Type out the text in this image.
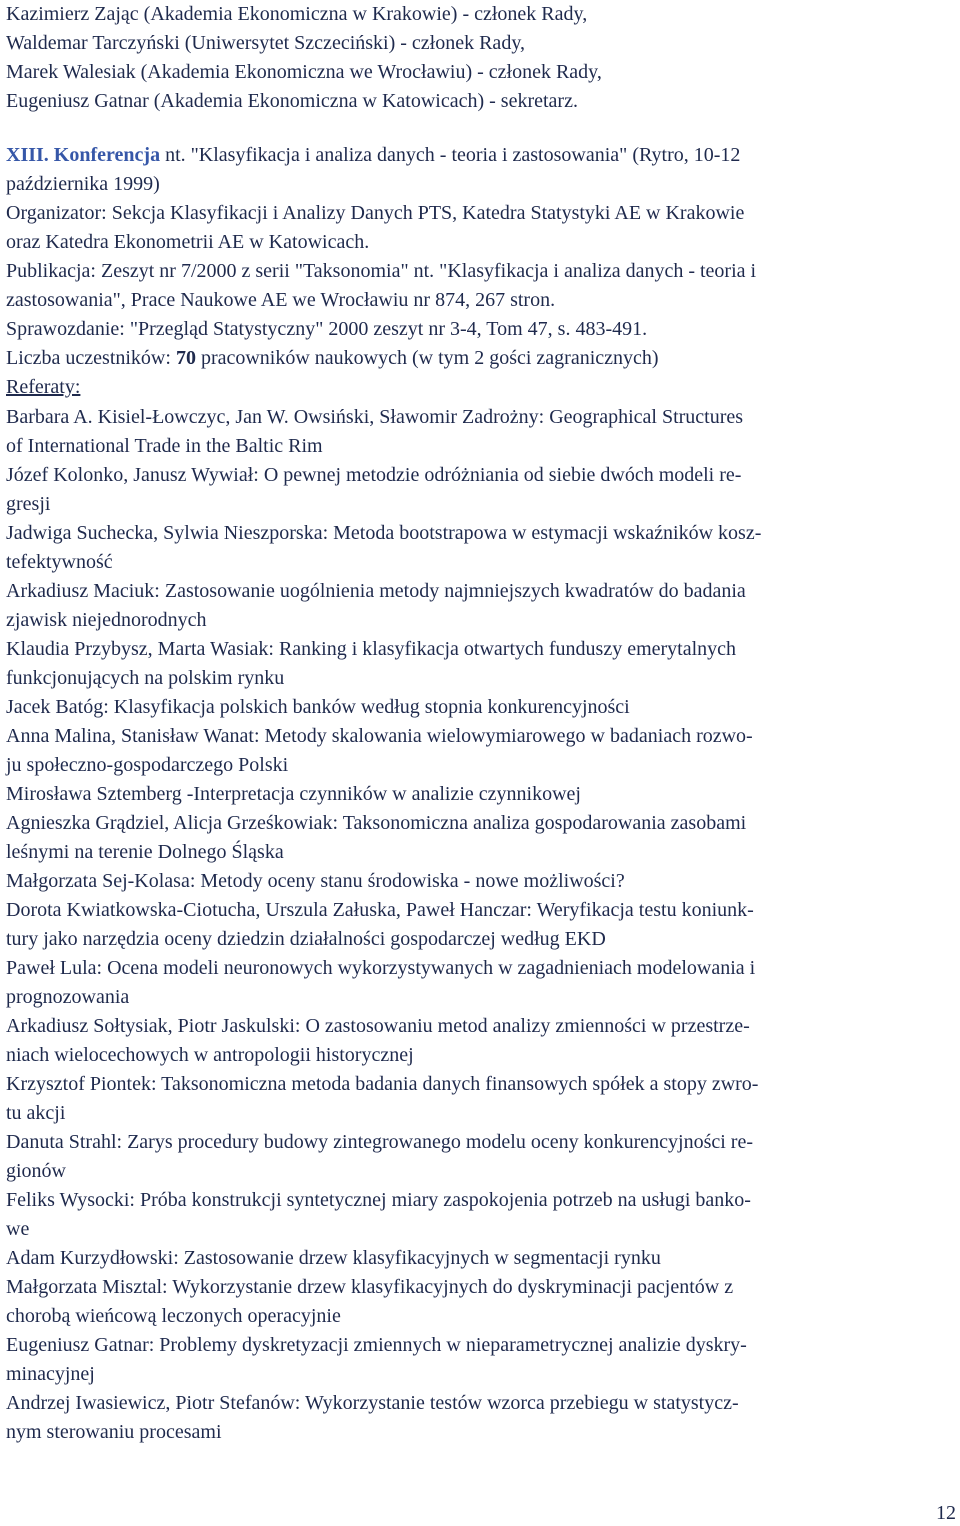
Kazimierz Zając (Akademia Ekonomiczna w Krakowie) - członek Rady,
Waldemar Tarczyński (Uniwersytet Szczeciński) - członek Rady,
Marek Walesiak (Akademia Ekonomiczna we Wrocławiu) - członek Rady,
Eugeniusz Gatnar (Akademia Ekonomiczna w Katowicach) - sekretarz.
XIII. Konferencja nt. "Klasyfikacja i analiza danych - teoria i zastosowania" (Rytro, 10-12
października 1999)
Organizator: Sekcja Klasyfikacji i Analizy Danych PTS, Katedra Statystyki AE w Krakowie
oraz Katedra Ekonometrii AE w Katowicach.
Publikacja: Zeszyt nr 7/2000 z serii "Taksonomia" nt. "Klasyfikacja i analiza danych - teoria i
zastosowania", Prace Naukowe AE we Wrocławiu nr 874, 267 stron.
Sprawozdanie: "Przegląd Statystyczny" 2000 zeszyt nr 3-4, Tom 47, s. 483-491.
Liczba uczestników: 70 pracowników naukowych (w tym 2 gości zagranicznych)
Referaty:
Barbara A. Kisiel-Łowczyc, Jan W. Owsiński, Sławomir Zadrożny: Geographical Structures
of International Trade in the Baltic Rim
Józef Kolonko, Janusz Wywiał: O pewnej metodzie odróżniania od siebie dwóch modeli re-
gresji
Jadwiga Suchecka, Sylwia Nieszporska: Metoda bootstrapowa w estymacji wskaźników kosz-
tefektywność
Arkadiusz Maciuk: Zastosowanie uogólnienia metody najmniejszych kwadratów do badania
zjawisk niejednorodnych
Klaudia Przybysz, Marta Wasiak: Ranking i klasyfikacja otwartych funduszy emerytalnych
funkcjonujących na polskim rynku
Jacek Batóg: Klasyfikacja polskich banków według stopnia konkurencyjności
Anna Malina, Stanisław Wanat: Metody skalowania wielowymiarowego w badaniach rozwo-
ju społeczno-gospodarczego Polski
Mirosława Sztemberg -Interpretacja czynników w analizie czynnikowej
Agnieszka Grądziel, Alicja Grześkowiak: Taksonomiczna analiza gospodarowania zasobami
leśnymi na terenie Dolnego Śląska
Małgorzata Sej-Kolasa: Metody oceny stanu środowiska - nowe możliwości?
Dorota Kwiatkowska-Ciotucha, Urszula Załuska, Paweł Hanczar: Weryfikacja testu koniunk-
tury jako narzędzia oceny dziedzin działalności gospodarczej według EKD
Paweł Lula: Ocena modeli neuronowych wykorzystywanych w zagadnieniach modelowania i
prognozowania
Arkadiusz Sołtysiak, Piotr Jaskulski: O zastosowaniu metod analizy zmienności w przestrze-
niach wielocechowych w antropologii historycznej
Krzysztof Piontek: Taksonomiczna metoda badania danych finansowych spółek a stopy zwro-
tu akcji
Danuta Strahl: Zarys procedury budowy zintegrowanego modelu oceny konkurencyjności re-
gionów
Feliks Wysocki: Próba konstrukcji syntetycznej miary zaspokojenia potrzeb na usługi banko-
we
Adam Kurzydłowski: Zastosowanie drzew klasyfikacyjnych w segmentacji rynku
Małgorzata Misztal: Wykorzystanie drzew klasyfikacyjnych do dyskryminacji pacjentów z
chorobą wieńcową leczonych operacyjnie
Eugeniusz Gatnar: Problemy dyskretyzacji zmiennych w nieparametrycznej analizie dyskry-
minacyjnej
Andrzej Iwasiewicz, Piotr Stefanów: Wykorzystanie testów wzorca przebiegu w statystycz-
nym sterowaniu procesami
12
